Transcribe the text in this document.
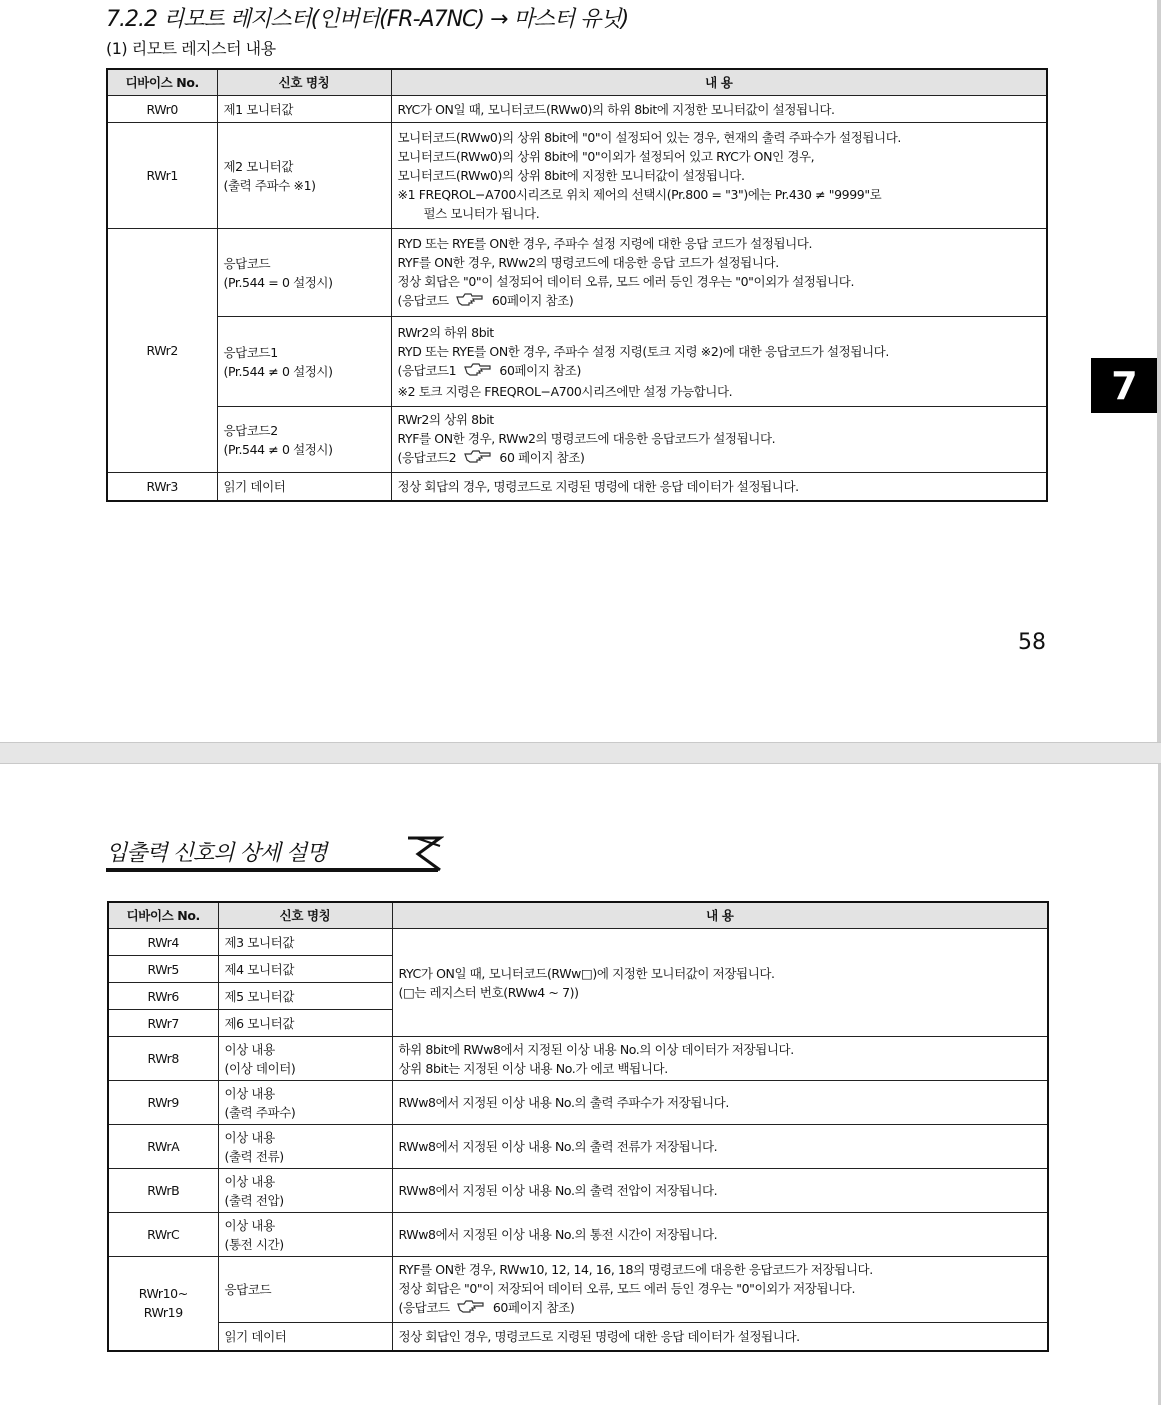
7.2.2 리모트 레지스터(인버터(FR-A7NC) → 마스터 유닛)
(1) 리모트 레지스터 내용
디바이스 No.	신호 명칭	내 용
RWr0	제1 모니터값	RYC가 ON일 때, 모니터코드(RWw0)의 하위 8bit에 지정한 모니터값이 설정됩니다.

RWr1	제2 모니터값
(출력 주파수 ※1)	모니터코드(RWw0)의 상위 8bit에 "0"이 설정되어 있는 경우, 현재의 출력 주파수가 설정됩니다.
모니터코드(RWw0)의 상위 8bit에 "0"이외가 설정되어 있고 RYC가 ON인 경우,
모니터코드(RWw0)의 상위 8bit에 지정한 모니터값이 설정됩니다.
※1 FREQROL−A700시리즈로 위치 제어의 선택시(Pr.800 = "3")에는 Pr.430 ≠ "9999"로
펄스 모니터가 됩니다.

RWr2	응답코드
(Pr.544 = 0 설정시)	RYD 또는 RYE를 ON한 경우, 주파수 설정 지령에 대한 응답 코드가 설정됩니다.
RYF를 ON한 경우, RWw2의 명령코드에 대응한 응답 코드가 설정됩니다.
정상 회답은 "0"이 설정되어 데이터 오류, 모드 에러 등인 경우는 "0"이외가 설정됩니다.
(응답코드 60페이지 참조)

	응답코드1
(Pr.544 ≠ 0 설정시)	RWr2의 하위 8bit
RYD 또는 RYE를 ON한 경우, 주파수 설정 지령(토크 지령 ※2)에 대한 응답코드가 설정됩니다.
(응답코드1 60페이지 참조)
※2 토크 지령은 FREQROL−A700시리즈에만 설정 가능합니다.

	응답코드2
(Pr.544 ≠ 0 설정시)	RWr2의 상위 8bit
RYF를 ON한 경우, RWw2의 명령코드에 대응한 응답코드가 설정됩니다.
(응답코드2 60 페이지 참조)

RWr3	읽기 데이터	정상 회답의 경우, 명령코드로 지령된 명령에 대한 응답 데이터가 설정됩니다.
7
58
입출력 신호의 상세 설명
디바이스 No.	신호 명칭	내 용
RWr4	제3 모니터값	RYC가 ON일 때, 모니터코드(RWw□)에 지정한 모니터값이 저장됩니다.
(□는 레지스터 번호(RWw4 ~ 7))

RWr5	제4 모니터값	
RWr6	제5 모니터값	
RWr7	제6 모니터값	
RWr8	이상 내용
(이상 데이터)	하위 8bit에 RWw8에서 지정된 이상 내용 No.의 이상 데이터가 저장됩니다.
상위 8bit는 지정된 이상 내용 No.가 에코 백됩니다.

RWr9	이상 내용
(출력 주파수)	RWw8에서 지정된 이상 내용 No.의 출력 주파수가 저장됩니다.

RWrA	이상 내용
(출력 전류)	RWw8에서 지정된 이상 내용 No.의 출력 전류가 저장됩니다.

RWrB	이상 내용
(출력 전압)	RWw8에서 지정된 이상 내용 No.의 출력 전압이 저장됩니다.

RWrC	이상 내용
(통전 시간)	RWw8에서 지정된 이상 내용 No.의 통전 시간이 저장됩니다.

RWr10~
RWr19	응답코드	RYF를 ON한 경우, RWw10, 12, 14, 16, 18의 명령코드에 대응한 응답코드가 저장됩니다.
정상 회답은 "0"이 저장되어 데이터 오류, 모드 에러 등인 경우는 "0"이외가 저장됩니다.
(응답코드 60페이지 참조)

	읽기 데이터	정상 회답인 경우, 명령코드로 지령된 명령에 대한 응답 데이터가 설정됩니다.
